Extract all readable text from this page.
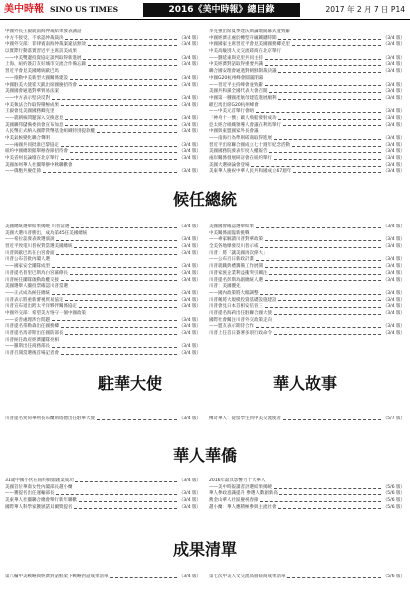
美中時報 SINO US TIMES	2016《美中時報》總目錄	2017 年 2 月 7 日 P14
中國外長王毅就南海仲裁結果發表講話
中方不接受、不承認仲裁裁決	（3/4 版）
中國外交部：菲律賓南海仲裁案違法無效	（3/4 版）
以實際行動落實習近平主席訪美成果
——中美雙邊投資協定談判取得新進展	（3/4 版）
上海、紐約簽訂友好城市交流合作備忘錄	（3/4 版）
習近平會見美國總統歐巴馬
——推動中美新型大國關係建設	（3/4 版）
中國駐美大使崔天凱出席國慶招待會	（3/4 版）
美國國會通過對華貿易法案
——中方表示堅決反對	（3/4 版）
中美執法合作取得積極成果	（3/4 版）
王毅會見美國國務卿克里
——就朝核問題深入交換意見	（3/4 版）
美國聯邦儲備委員會宣布加息	（3/4 版）
人民幣正式納入國際貨幣基金組織特別提款權	（3/4 版）
中美氣候變化聯合聲明
——兩國共同批准巴黎協定	（3/4 版）
紐約中國總領館舉辦春節招待會	（3/4 版）
中美省州長論壇在北京舉行	（3/4 版）
美國加州華人社團舉辦中秋聯歡會
——僑胞共慶佳節	（3/4 版）
李克強出席夏季達沃斯論壇開幕式並致辭
中國經濟正處於轉型升級關鍵時期	（3/4 版）
中國國家主席習近平會見美國國務卿克里	（3/4 版）
中美高級別人文交流磋商在北京舉行
——劉延東與克里共同主持	（3/4 版）
中美經濟對話取得重要共識	（3/4 版）
聯合國安理會通過對朝鮮制裁決議	（3/4 版）
中國G20杭州峰會圓滿閉幕
——習近平主持峰會並致辭	（3/4 版）
美國共和黨全國代表大會召開	（3/4 版）
中國第一艘國產航母建造進展順利	（3/4 版）
歐巴馬出席G20杭州峰會
——中美元首舉行會晤	（3/4 版）
「神舟十一號」載人飛船發射成功	（3/4 版）
亞太經合組織領導人會議在利馬舉行	（3/4 版）
中國與東盟國家外長會議
——南海行為準則磋商取得進展	（3/4 版）
習近平出席聯合國成立七十週年紀念活動	（3/4 版）
美國國務院發表年度人權報告	（3/4 版）
兩岸關係發展研討會在紐約舉行	（3/4 版）
美國大選辯論會登場	（3/4 版）
美東華人慶祝中華人民共和國成立67週年	（3/4 版）
候任總統
美國總統選舉結果揭曉 川普當選	（3/4 版）
美國大選川普勝出，成為第45任美國總統
——希拉蕊發表敗選演說	（3/4 版）
習近平致電川普祝賀當選美國總統	（3/4 版）
川普與歐巴馬在白宮會面	（3/4 版）
川普公布首批內閣人選
——國家安全團隊成型	（3/4 版）
川普提名普里巴斯為白宮幕僚長	（3/4 版）
川普候任團隊啟動政權交接	（3/4 版）
美國選舉人團投票確認川普當選
——正式成為候任總統	（3/4 版）
川普表示將重新審視貿易協定	（3/4 版）
川普宣布退出跨太平洋夥伴關係協定	（3/4 版）
中國外交部：希望美方恪守一個中國政策
——妥善處理涉台問題	（3/4 版）
川普提名蒂勒森出任國務卿	（3/4 版）
川普提名馬蒂斯出任國防部長	（3/4 版）
川普候任政府經濟團隊亮相
——羅斯出任商務部長	（3/4 版）
川普召開當選後首場記者會	（3/4 版）
美國國會確認選舉結果	（3/4 版）
中美關係面臨新挑戰
——專家解讀川普對華政策	（3/4 版）
全美各地爆發反川普示威	（3/4 版）
川普：將「讓美國再次偉大」
——公布百日新政計畫	（3/4 版）
川普就職典禮籌備工作展開	（3/4 版）
川普家族企業利益衝突引關注	（3/4 版）
川普提名彭斯為副總統人選	（3/4 版）
川普：美國優先
——國內政策將大幅調整	（3/4 版）
川普稱將大規模投資基礎設施建設	（3/4 版）
川普會見日本首相安倍晉三	（3/4 版）
川普提名海莉出任駐聯合國大使	（3/4 版）
國際社會關注川普外交政策走向
——盟友表示期待合作	（3/4 版）
川普上任首日簽署多項行政命令	（3/4 版）
駐華大使	華人故事
川普提名愛荷華州長布蘭斯塔德出任駐華大使	（3/4 版） 傳奇華人：從留學生到中美交流使者	（5/7 版）
華人華僑
31歲中國小伙在紐約街頭創業成功	（3/4 版）
美國首位華裔女性內閣部長趙小蘭
——獲提名出任運輸部長	（3/4 版）
美東華人社團聯合總會舉行新年聯歡	（3/4 版）
國際華人科學家獲頒諾貝爾獎提名	（3/4 版）
2016年最具影響力十大華人
——美中時報讀者評選結果揭曉	（5/6 版）
華人參政意識提升 參選人數創新高	（5/6 版）
舊金山華人社區慶祝春節	（5/6 版）
趙小蘭：華人應積極參與主流社會	（5/6 版）
成果清單
第八輪中美戰略與經濟對話框架下戰略對話成果清單	（3/4 版） 第七次中美人文交流高層磋商成果清單	（5/6 版）
